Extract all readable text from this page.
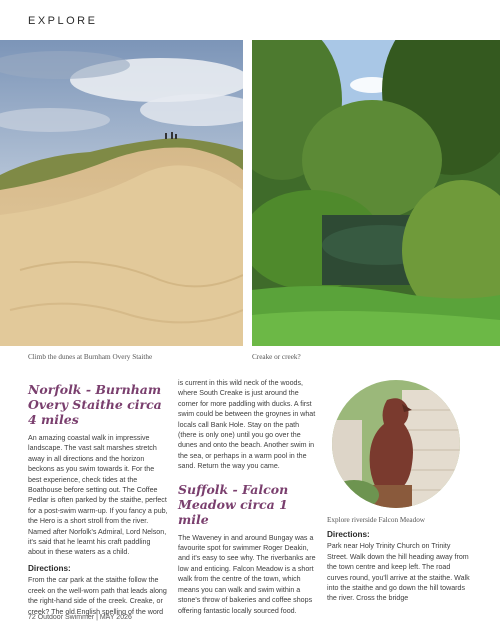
EXPLORE
Climb the dunes at Burnham Overy Staithe	Creake or creek?
Norfolk - Burnham Overy Staithe circa 4 miles

An amazing coastal walk in impressive landscape. The vast salt marshes stretch away in all directions and the horizon beckons as you swim towards it. For the best experience, check tides at the Boathouse before setting out. The Coffee Pedlar is often parked by the staithe, perfect for a post-swim warm-up. If you fancy a pub, the Hero is a short stroll from the river. Named after Norfolk's Admiral, Lord Nelson, it's said that he learnt his craft paddling about in these waters as a child.

Directions:

From the car park at the staithe follow the creek on the well-worn path that leads along the right-hand side of the creek. Creake, or creek? The old English spelling of the word

is current in this wild neck of the woods, where South Creake is just around the corner for more paddling with ducks. A first swim could be between the groynes in what locals call Bank Hole. Stay on the path (there is only one) until you go over the dunes and onto the beach. Another swim in the sea, or perhaps in a warm pool in the sand. Return the way you came.

Suffolk - Falcon Meadow circa 1 mile

The Waveney in and around Bungay was a favourite spot for swimmer Roger Deakin, and it's easy to see why. The riverbanks are low and enticing. Falcon Meadow is a short walk from the centre of the town, which means you can walk and swim within a stone's throw of bakeries and coffee shops offering fantastic locally sourced food.

Explore riverside Falcon Meadow
Directions:

Park near Holy Trinity Church on Trinity Street. Walk down the hill heading away from the town centre and keep left. The road curves round, you'll arrive at the staithe. Walk into the staithe and go down the hill towards the river. Cross the bridge

72 Outdoor Swimmer | MAY 2026
